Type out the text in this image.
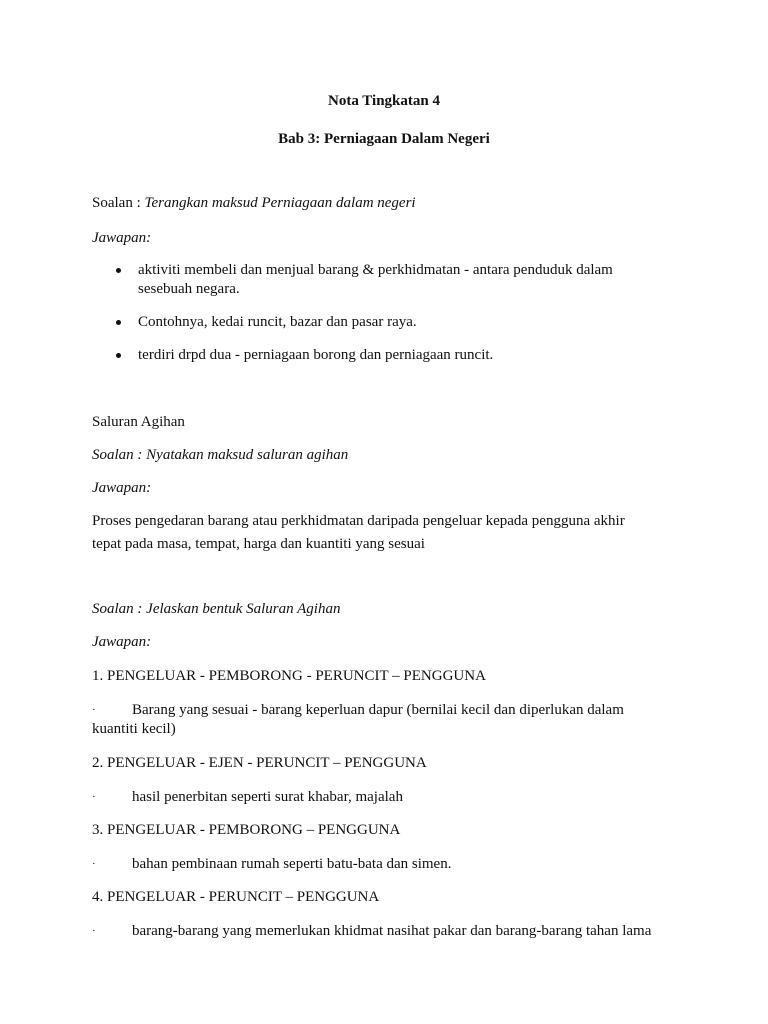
Nota Tingkatan 4
Bab 3: Perniagaan Dalam Negeri
Soalan : Terangkan maksud Perniagaan dalam negeri
Jawapan:
aktiviti membeli dan menjual barang & perkhidmatan - antara penduduk dalam
sesebuah negara.
Contohnya, kedai runcit, bazar dan pasar raya.
terdiri drpd dua - perniagaan borong dan perniagaan runcit.
Saluran Agihan
Soalan : Nyatakan maksud saluran agihan
Jawapan:
Proses pengedaran barang atau perkhidmatan daripada pengeluar kepada pengguna akhir
tepat pada masa, tempat, harga dan kuantiti yang sesuai
Soalan : Jelaskan bentuk Saluran Agihan
Jawapan:
1. PENGELUAR - PEMBORONG - PERUNCIT – PENGGUNA
· Barang yang sesuai - barang keperluan dapur (bernilai kecil dan diperlukan dalam
kuantiti kecil)
2. PENGELUAR - EJEN - PERUNCIT – PENGGUNA
· hasil penerbitan seperti surat khabar, majalah
3. PENGELUAR - PEMBORONG – PENGGUNA
· bahan pembinaan rumah seperti batu-bata dan simen.
4. PENGELUAR - PERUNCIT – PENGGUNA
· barang-barang yang memerlukan khidmat nasihat pakar dan barang-barang tahan lama
